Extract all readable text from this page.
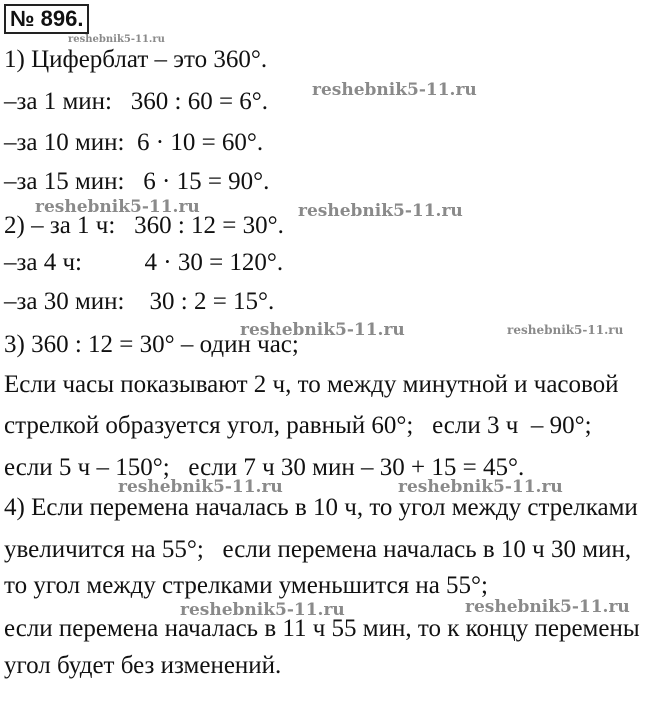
№ 896.
1) Циферблат – это 360°.
–за 1 мин:   360 : 60 = 6°.
–за 10 мин:  6 · 10 = 60°.
–за 15 мин:   6 · 15 = 90°.
2) – за 1 ч:   360 : 12 = 30°.
–за 4 ч:          4 · 30 = 120°.
–за 30 мин:    30 : 2 = 15°.
3) 360 : 12 = 30° – один час;
Если часы показывают 2 ч, то между минутной и часовой
стрелкой образуется угол, равный 60°;   если 3 ч  – 90°;
если 5 ч – 150°;   если 7 ч 30 мин – 30 + 15 = 45°.
4) Если перемена началась в 10 ч, то угол между стрелками
увеличится на 55°;   если перемена началась в 10 ч 30 мин,
то угол между стрелками уменьшится на 55°;
если перемена началась в 11 ч 55 мин, то к концу перемены
угол будет без изменений.
reshebnik5-11.ru
reshebnik5-11.ru
reshebnik5-11.ru	reshebnik5-11.ru
reshebnik5-11.ru	reshebnik5-11.ru
reshebnik5-11.ru	reshebnik5-11.ru
reshebnik5-11.ru	reshebnik5-11.ru
